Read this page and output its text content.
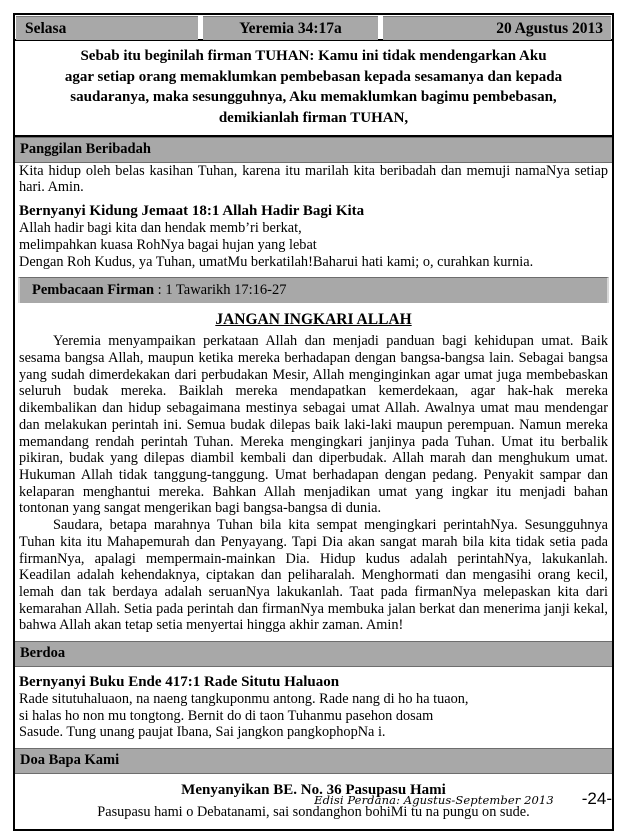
Selasa	Yeremia 34:17a	20 Agustus 2013
Sebab itu beginilah firman TUHAN: Kamu ini tidak mendengarkan Aku
agar setiap orang memaklumkan pembebasan kepada sesamanya dan kepada
saudaranya, maka sesungguhnya, Aku memaklumkan bagimu pembebasan,
demikianlah firman TUHAN,
Panggilan Beribadah

Kita hidup oleh belas kasihan Tuhan, karena itu marilah kita beribadah dan memuji namaNya setiap hari. Amin.

Bernyanyi Kidung Jemaat 18:1 Allah Hadir Bagi Kita

Allah hadir bagi kita dan hendak memb’ri berkat,

melimpahkan kuasa RohNya bagai hujan yang lebat

Dengan Roh Kudus, ya Tuhan, umatMu berkatilah!Baharui hati kami; o, curahkan kurnia.

Pembacaan Firman : 1 Tawarikh 17:16-27
JANGAN INGKARI ALLAH

Yeremia menyampaikan perkataan Allah dan menjadi panduan bagi kehidupan umat. Baik sesama bangsa Allah, maupun ketika mereka berhadapan dengan bangsa-bangsa lain. Sebagai bangsa yang sudah dimerdekakan dari perbudakan Mesir, Allah menginginkan agar umat juga membebaskan seluruh budak mereka. Baiklah mereka mendapatkan kemerdekaan, agar hak-hak mereka dikembalikan dan hidup sebagaimana mestinya sebagai umat Allah. Awalnya umat mau mendengar dan melakukan perintah ini. Semua budak dilepas baik laki-laki maupun perempuan. Namun mereka memandang rendah perintah Tuhan. Mereka mengingkari janjinya pada Tuhan. Umat itu berbalik pikiran, budak yang dilepas diambil kembali dan diperbudak. Allah marah dan menghukum umat. Hukuman Allah tidak tanggung-tanggung. Umat berhadapan dengan pedang. Penyakit sampar dan kelaparan menghantui mereka. Bahkan Allah menjadikan umat yang ingkar itu menjadi bahan tontonan yang sangat mengerikan bagi bangsa-bangsa di dunia.

Saudara, betapa marahnya Tuhan bila kita sempat mengingkari perintahNya. Sesungguhnya Tuhan kita itu Mahapemurah dan Penyayang. Tapi Dia akan sangat marah bila kita tidak setia pada firmanNya, apalagi mempermain-mainkan Dia. Hidup kudus adalah perintahNya, lakukanlah. Keadilan adalah kehendaknya, ciptakan dan peliharalah. Menghormati dan mengasihi orang kecil, lemah dan tak berdaya adalah seruanNya lakukanlah. Taat pada firmanNya melepaskan kita dari kemarahan Allah. Setia pada perintah dan firmanNya membuka jalan berkat dan menerima janji kekal, bahwa Allah akan tetap setia menyertai hingga akhir zaman. Amin!

Berdoa
Bernyanyi Buku Ende 417:1 Rade Situtu Haluaon

Rade situtuhaluaon, na naeng tangkuponmu antong. Rade nang di ho ha tuaon,

si halas ho non mu tongtong. Bernit do di taon Tuhanmu pasehon dosam

Sasude. Tung unang paujat Ibana, Sai jangkon pangkophopNa i.

Doa Bapa Kami
Menyanyikan BE. No. 36 Pasupasu Hami
Pasupasu hami o Debatanami, sai sondanghon bohiMi tu na pungu on sude.
Edisi Perdana: Agustus-September 2013	-24-
